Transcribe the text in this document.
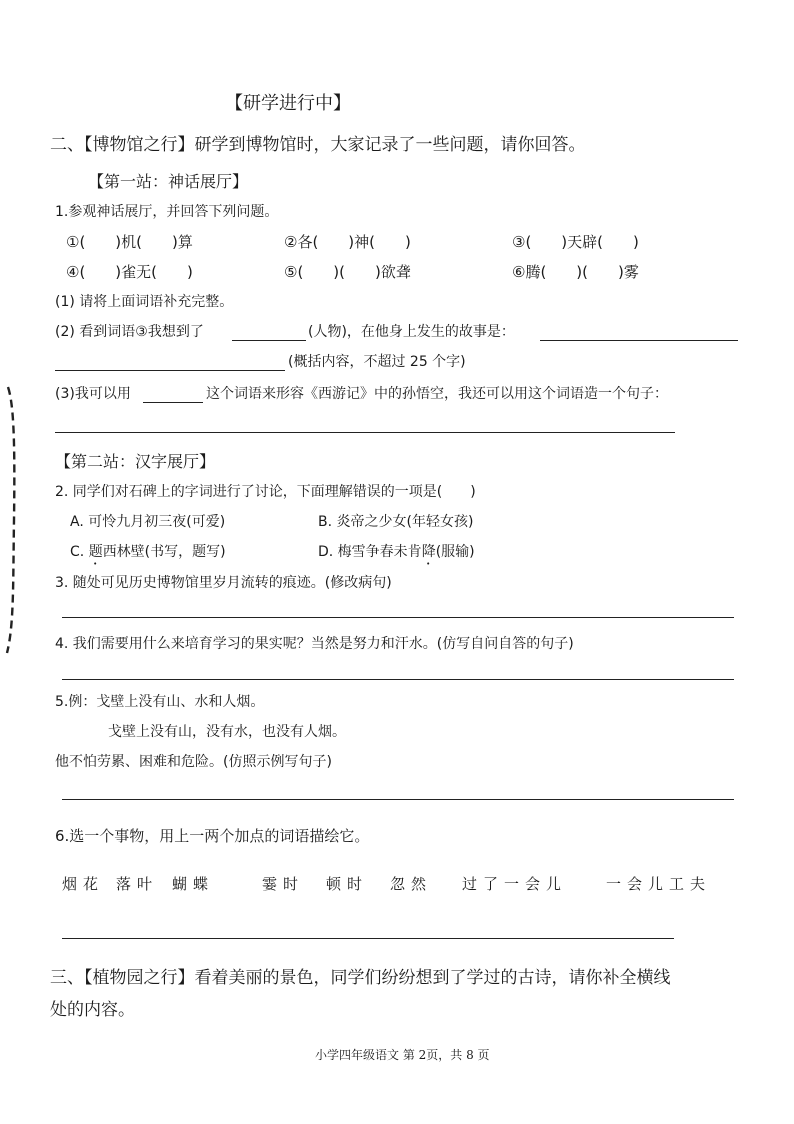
【研学进行中】
二、【博物馆之行】研学到博物馆时，大家记录了一些问题，请你回答。
【第一站：神话展厅】
1.参观神话展厅，并回答下列问题。
①(　　)机(　　)算	②各(　　)神(　　)	③(　　)天辟(　　)
④(　　)雀无(　　)	⑤(　　)(　　)欲聋	⑥腾(　　)(　　)雾
(1) 请将上面词语补充完整。
(2) 看到词语③我想到了	(人物)，在他身上发生的故事是：
(概括内容，不超过 25 个字)
(3)我可以用	这个词语来形容《西游记》中的孙悟空，我还可以用这个词语造一个句子：
【第二站：汉字展厅】
2. 同学们对石碑上的字词进行了讨论，下面理解错误的一项是(　　)
A. 可怜九月初三夜(可爱)	B. 炎帝之少女(年轻女孩)
C. 题西林壁(书写，题写)	D. 梅雪争春未肯降(服输)
3. 随处可见历史博物馆里岁月流转的痕迹。(修改病句)
4. 我们需要用什么来培育学习的果实呢？当然是努力和汗水。(仿写自问自答的句子)
5.例：戈壁上没有山、水和人烟。
戈壁上没有山，没有水，也没有人烟。
他不怕劳累、困难和危险。(仿照示例写句子)
6.选一个事物，用上一两个加点的词语描绘它。
烟花 落叶 蝴蝶	霎时 顿时 忽然 过了一会儿	一会儿工夫
三、【植物园之行】看着美丽的景色，同学们纷纷想到了学过的古诗，请你补全横线
处的内容。
小学四年级语文 第 2页，共 8 页
